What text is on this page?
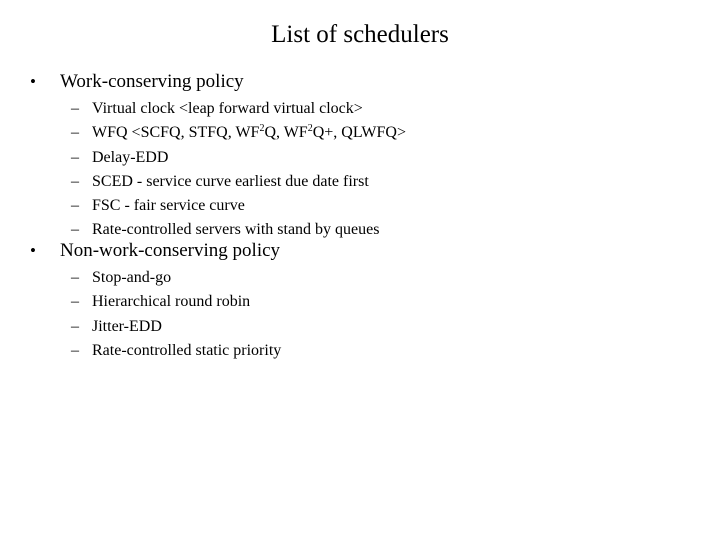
List of schedulers
• Work-conserving policy
– Virtual clock <leap forward virtual clock>
– WFQ <SCFQ, STFQ, $WF^2Q$, $WF^2Q+$, QLWFQ>
– Delay-EDD
– SCED - service curve earliest due date first
– FSC - fair service curve
– Rate-controlled servers with stand by queues
• Non-work-conserving policy
– Stop-and-go
– Hierarchical round robin
– Jitter-EDD
– Rate-controlled static priority
